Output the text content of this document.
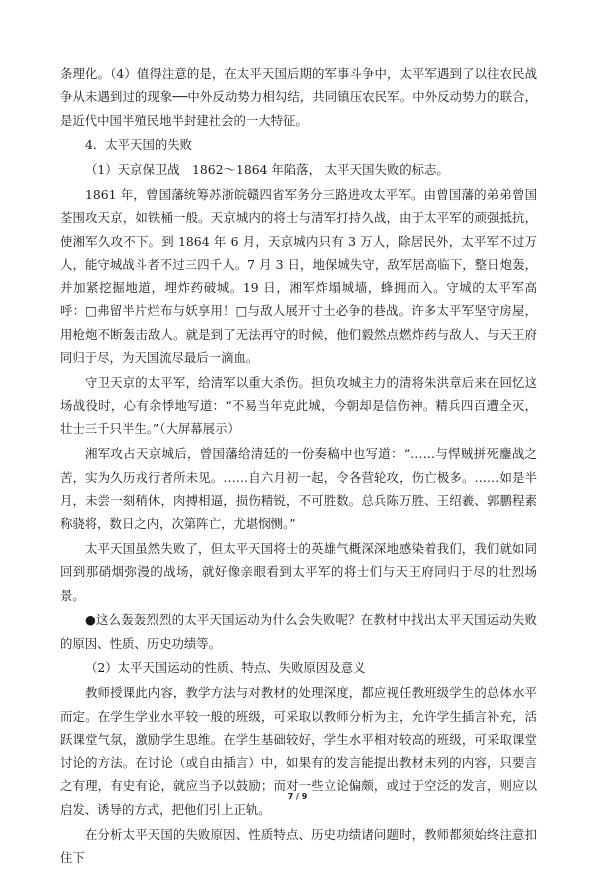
条理化。（4）值得注意的是，在太平天国后期的军事斗争中，太平军遇到了以往农民战争从未遇到过的现象──中外反动势力相勾结，共同镇压农民军。中外反动势力的联合，是近代中国半殖民地半封建社会的一大特征。

4．太平天国的失败

（1）天京保卫战　1862～1864 年陷落， 太平天国失败的标志。

1861 年，曾国藩统筹苏浙皖赣四省军务分三路进攻太平军。由曾国藩的弟弟曾国荃围攻天京，如铁桶一般。天京城内的将士与清军打持久战，由于太平军的顽强抵抗，使湘军久攻不下。到 1864 年 6 月，天京城内只有 3 万人，除居民外，太平军不过万人，能守城战斗者不过三四千人。7 月 3 日，地保城失守，敌军居高临下，整日炮轰，并加紧挖掘地道，埋炸药破城。19 日，湘军炸塌城墙，蜂拥而入。守城的太平军高呼：□弗留半片烂布与妖享用！□与敌人展开寸土必争的巷战。许多太平军坚守房屋，用枪炮不断轰击敌人。就是到了无法再守的时候，他们毅然点燃炸药与敌人、与天王府同归于尽，为天国流尽最后一滴血。

守卫天京的太平军，给清军以重大杀伤。担负攻城主力的清将朱洪章后来在回忆这场战役时，心有余悸地写道：“不易当年克此城，今朝却是信伤神。精兵四百遭全灭，壮士三千只半生。”（大屏幕展示）

湘军攻占天京城后，曾国藩给清廷的一份奏稿中也写道：“……与悍贼拼死鏖战之苦，实为久历戎行者所未见。……自六月初一起，令各营轮攻，伤亡极多。……如是半月，未尝一刻稍休，肉搏相逼，损伤精锐，不可胜数。总兵陈万胜、王绍羲、郭鹏程素称骁将，数日之内，次第阵亡，尤堪悯恻。”

太平天国虽然失败了，但太平天国将士的英雄气概深深地感染着我们，我们就如同回到那硝烟弥漫的战场，就好像亲眼看到太平军的将士们与天王府同归于尽的壮烈场景。

●这么轰轰烈烈的太平天国运动为什么会失败呢？在教材中找出太平天国运动失败的原因、性质、历史功绩等。

（2）太平天国运动的性质、特点、失败原因及意义

教师授课此内容，教学方法与对教材的处理深度，都应视任教班级学生的总体水平而定。在学生学业水平较一般的班级，可采取以教师分析为主，允许学生插言补充，活跃课堂气氛，激励学生思维。在学生基础较好，学生水平相对较高的班级，可采取课堂讨论的方法。在讨论（或自由插言）中，如果有的发言能提出教材未列的内容，只要言之有理，有史有论，就应当予以鼓励；而对一些立论偏颇，或过于空泛的发言，则应以启发、诱导的方式，把他们引上正轨。

在分析太平天国的失败原因、性质特点、历史功绩诸问题时，教师都须始终注意扣住下

7 / 9
